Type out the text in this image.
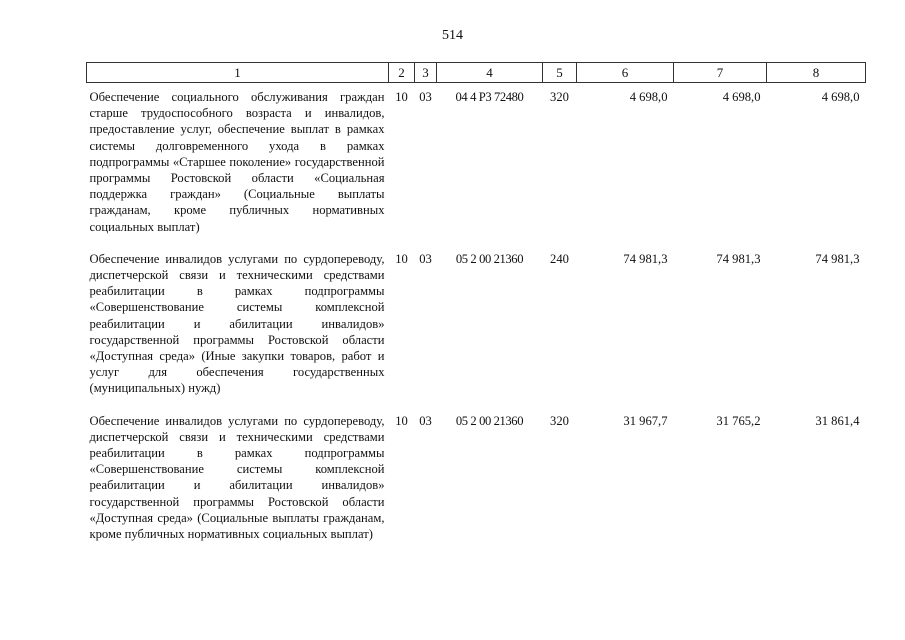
514
1	2	3	4	5	6	7	8
Обеспечение социального обслуживания граждан старше трудоспособного возраста и инвалидов, предоставление услуг, обеспечение выплат в рамках системы долговременного ухода в рамках подпрограммы «Старшее поколение» государственной программы Ростовской области «Социальная поддержка граждан» (Социальные выплаты гражданам, кроме публичных нормативных социальных выплат)	10	03	04 4 P3 72480	320	4 698,0	4 698,0	4 698,0
Обеспечение инвалидов услугами по сурдопереводу, диспетчерской связи и техническими средствами реабилитации в рамках подпрограммы «Совершенствование системы комплексной реабилитации и абилитации инвалидов» государственной программы Ростовской области «Доступная среда» (Иные закупки товаров, работ и услуг для обеспечения государственных (муниципальных) нужд)	10	03	05 2 00 21360	240	74 981,3	74 981,3	74 981,3
Обеспечение инвалидов услугами по сурдопереводу, диспетчерской связи и техническими средствами реабилитации в рамках подпрограммы «Совершенствование системы комплексной реабилитации и абилитации инвалидов» государственной программы Ростовской области «Доступная среда» (Социальные выплаты гражданам, кроме публичных нормативных социальных выплат)	10	03	05 2 00 21360	320	31 967,7	31 765,2	31 861,4
